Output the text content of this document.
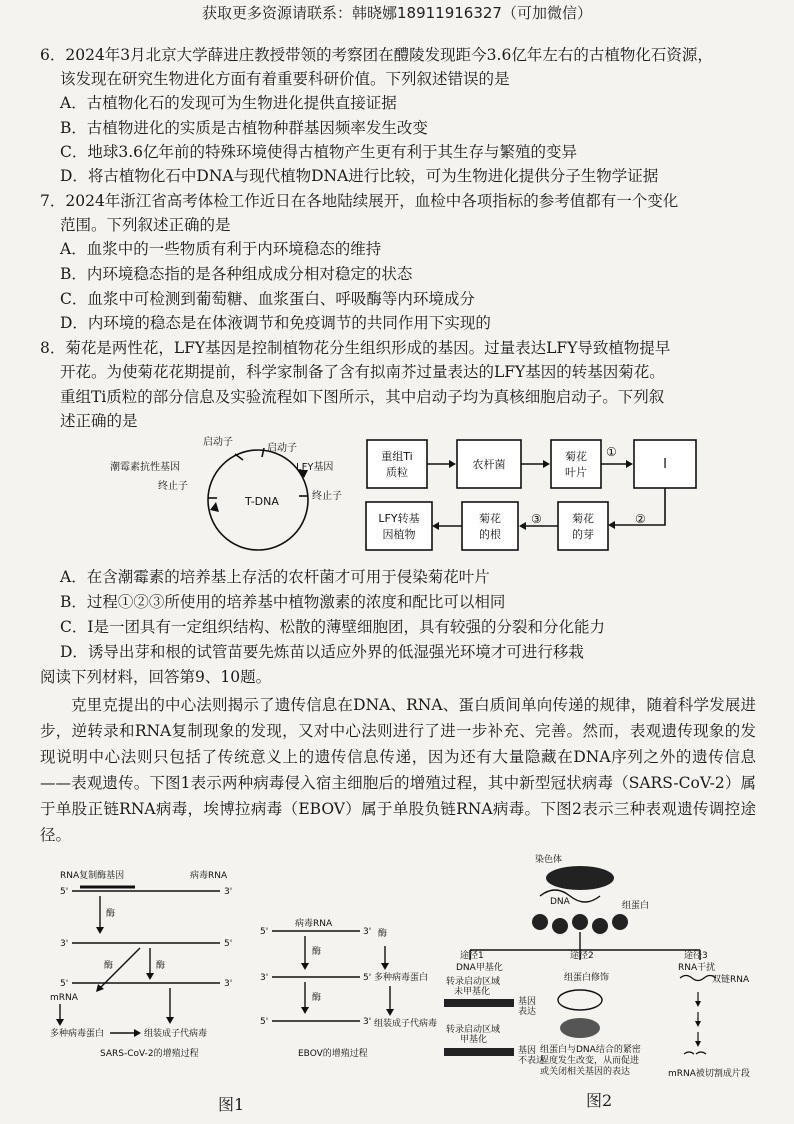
获取更多资源请联系：韩晓娜18911916327（可加微信）
6．2024年3月北京大学薛进庄教授带领的考察团在醴陵发现距今3.6亿年左右的古植物化石资源，
该发现在研究生物进化方面有着重要科研价值。下列叙述错误的是
A．古植物化石的发现可为生物进化提供直接证据
B．古植物进化的实质是古植物种群基因频率发生改变
C．地球3.6亿年前的特殊环境使得古植物产生更有利于其生存与繁殖的变异
D．将古植物化石中DNA与现代植物DNA进行比较，可为生物进化提供分子生物学证据
7．2024年浙江省高考体检工作近日在各地陆续展开，血检中各项指标的参考值都有一个变化
范围。下列叙述正确的是
A．血浆中的一些物质有利于内环境稳态的维持
B．内环境稳态指的是各种组成成分相对稳定的状态
C．血浆中可检测到葡萄糖、血浆蛋白、呼吸酶等内环境成分
D．内环境的稳态是在体液调节和免疫调节的共同作用下实现的
8．菊花是两性花，LFY基因是控制植物花分生组织形成的基因。过量表达LFY导致植物提早
开花。为使菊花花期提前，科学家制备了含有拟南芥过量表达的LFY基因的转基因菊花。
重组Ti质粒的部分信息及实验流程如下图所示，其中启动子均为真核细胞启动子。下列叙
述正确的是
T-DNA
启动子
启动子
潮霉素抗性基因	LFY基因
终止子
终止子
重组Ti
质粒
农杆菌
菊花
叶片
①
I
②
菊花
的芽
③
菊花
的根
LFY转基
因植物
A．在含潮霉素的培养基上存活的农杆菌才可用于侵染菊花叶片
B．过程①②③所使用的培养基中植物激素的浓度和配比可以相同
C．I是一团具有一定组织结构、松散的薄壁细胞团，具有较强的分裂和分化能力
D．诱导出芽和根的试管苗要先炼苗以适应外界的低湿强光环境才可进行移栽
阅读下列材料，回答第9、10题。
克里克提出的中心法则揭示了遗传信息在DNA、RNA、蛋白质间单向传递的规律，随着科学发展进步，逆转录和RNA复制现象的发现，又对中心法则进行了进一步补充、完善。然而，表观遗传现象的发现说明中心法则只包括了传统意义上的遗传信息传递，因为还有大量隐藏在DNA序列之外的遗传信息——表观遗传。下图1表示两种病毒侵入宿主细胞后的增殖过程，其中新型冠状病毒（SARS-CoV-2）属于单股正链RNA病毒，埃博拉病毒（EBOV）属于单股负链RNA病毒。下图2表示三种表观遗传调控途径。
RNA复制酶基因	病毒RNA
5'	3'
酶
3'	5'
酶	酶
5'	3'
mRNA
多种病毒蛋白	组装成子代病毒
SARS-CoV-2的增殖过程
病毒RNA
5'	3'
酶
3'	5'
酶
5'	3'
酶
多种病毒蛋白
组装成子代病毒
EBOV的增殖过程
染色体
DNA	组蛋白
途径1
DNA甲基化
途径2
组蛋白修饰
途径3
RNA干扰
双链RNA
转录启动区域
未甲基化
基因
表达
转录启动区域
甲基化
基因
不表达
组蛋白与DNA结合的紧密
程度发生改变，从而促进
或关闭相关基因的表达	mRNA被切割成片段
图1	图2
